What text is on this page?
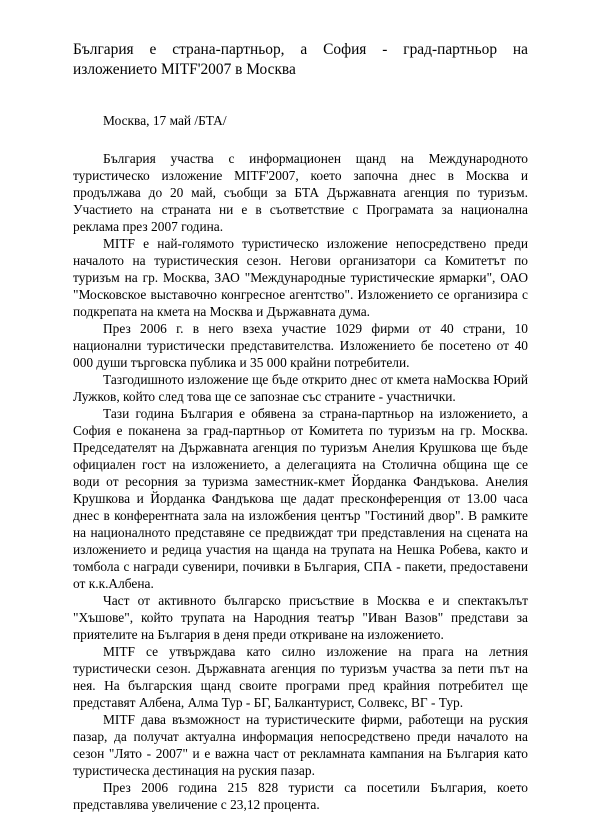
България е страна-партньор, а София - град-партньор на изложението MITF'2007 в Москва
Москва, 17 май /БТА/

България участва с информационен щанд на Международното туристическо изложение MITF'2007, което започна днес в Москва и продължава до 20 май, съобщи за БТА Държавната агенция по туризъм. Участието на страната ни е в съответствие с Програмата за национална реклама през 2007 година.

MITF е най-голямото туристическо изложение непосредствено преди началото на туристическия сезон. Негови организатори са Комитетът по туризъм на гр. Москва, ЗАО "Международные туристические ярмарки", ОАО "Московское выставочно конгресное агентство". Изложението се организира с подкрепата на кмета на Москва и Държавната дума.

През 2006 г. в него взеха участие 1029 фирми от 40 страни, 10 национални туристически представителства. Изложението бе посетено от 40 000 души търговска публика и 35 000 крайни потребители.

Тазгодишното изложение ще бъде открито днес от кмета наМосква Юрий Лужков, който след това ще се запознае със страните - участнички.

Тази година България е обявена за страна-партньор на изложението, а София е поканена за град-партньор от Комитета по туризъм на гр. Москва. Председателят на Държавната агенция по туризъм Анелия Крушкова ще бъде официален гост на изложението, а делегацията на Столична община ще се води от ресорния за туризма заместник-кмет Йорданка Фандъкова. Анелия Крушкова и Йорданка Фандъкова ще дадат пресконференция от 13.00 часа днес в конферентната зала на изложбения център "Гостиний двор". В рамките на националното представяне се предвиждат три представления на сцената на изложението и редица участия на щанда на трупата на Нешка Робева, както и томбола с награди сувенири, почивки в България, СПА - пакети, предоставени от к.к.Албена.

Част от активното българско присъствие в Москва е и спектакълът "Хъшове", който трупата на Народния театър "Иван Вазов" представи за приятелите на България в деня преди откриване на изложението.

MITF се утвърждава като силно изложение на прага на летния туристически сезон. Държавната агенция по туризъм участва за пети път на нея. На българския щанд своите програми пред крайния потребител ще представят Албена, Алма Тур - БГ, Балкантурист, Солвекс, ВГ - Тур.

MITF дава възможност на туристическите фирми, работещи на руския пазар, да получат актуална информация непосредствено преди началото на сезон "Лято - 2007" и е важна част от рекламната кампания на България като туристическа дестинация на руския пазар.

През 2006 година 215 828 туристи са посетили България, което представлява увеличение с 23,12 процента.
